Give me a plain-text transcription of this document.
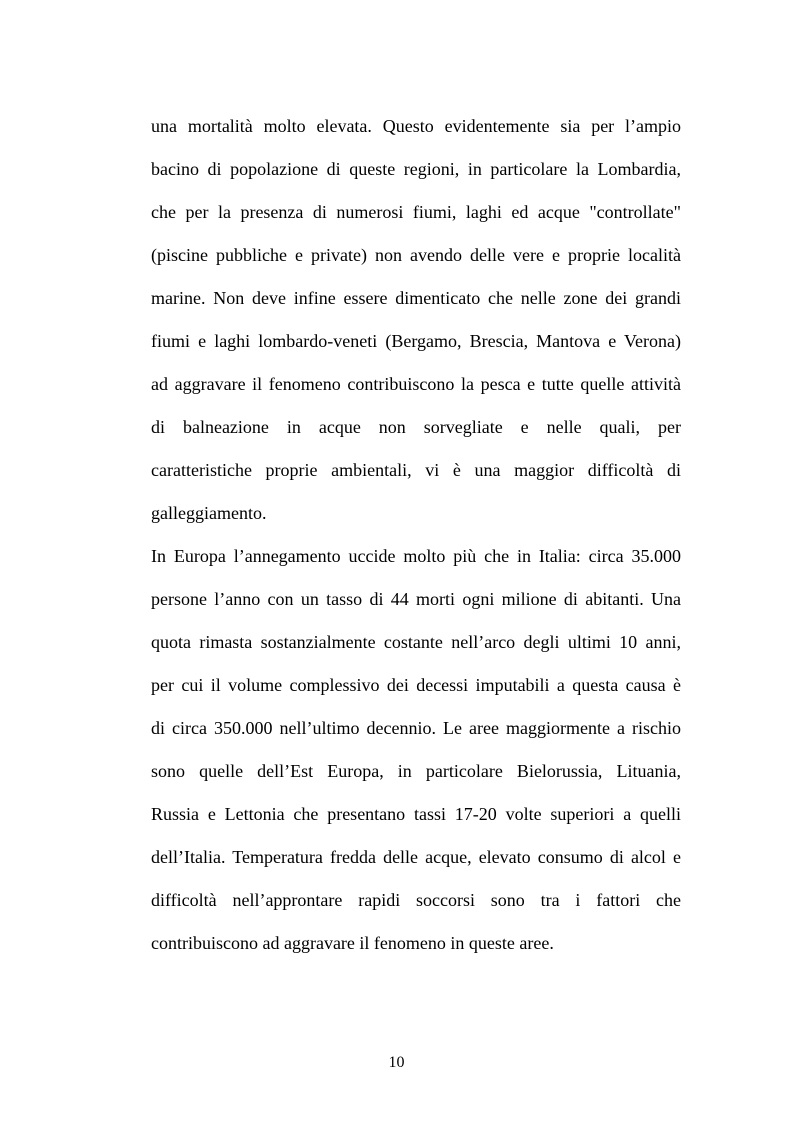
una mortalità molto elevata. Questo evidentemente sia per l’ampio
bacino di popolazione di queste regioni, in particolare la Lombardia,
che per la presenza di numerosi fiumi, laghi ed acque "controllate"
(piscine pubbliche e private) non avendo delle vere e proprie località
marine. Non deve infine essere dimenticato che nelle zone dei grandi
fiumi e laghi lombardo-veneti (Bergamo, Brescia, Mantova e Verona)
ad aggravare il fenomeno contribuiscono la pesca e tutte quelle attività
di balneazione in acque non sorvegliate e nelle quali, per
caratteristiche proprie ambientali, vi è una maggior difficoltà di
galleggiamento.
In Europa l’annegamento uccide molto più che in Italia: circa 35.000
persone l’anno con un tasso di 44 morti ogni milione di abitanti. Una
quota rimasta sostanzialmente costante nell’arco degli ultimi 10 anni,
per cui il volume complessivo dei decessi imputabili a questa causa è
di circa 350.000 nell’ultimo decennio. Le aree maggiormente a rischio
sono quelle dell’Est Europa, in particolare Bielorussia, Lituania,
Russia e Lettonia che presentano tassi 17-20 volte superiori a quelli
dell’Italia. Temperatura fredda delle acque, elevato consumo di alcol e
difficoltà nell’approntare rapidi soccorsi sono tra i fattori che
contribuiscono ad aggravare il fenomeno in queste aree.
10
